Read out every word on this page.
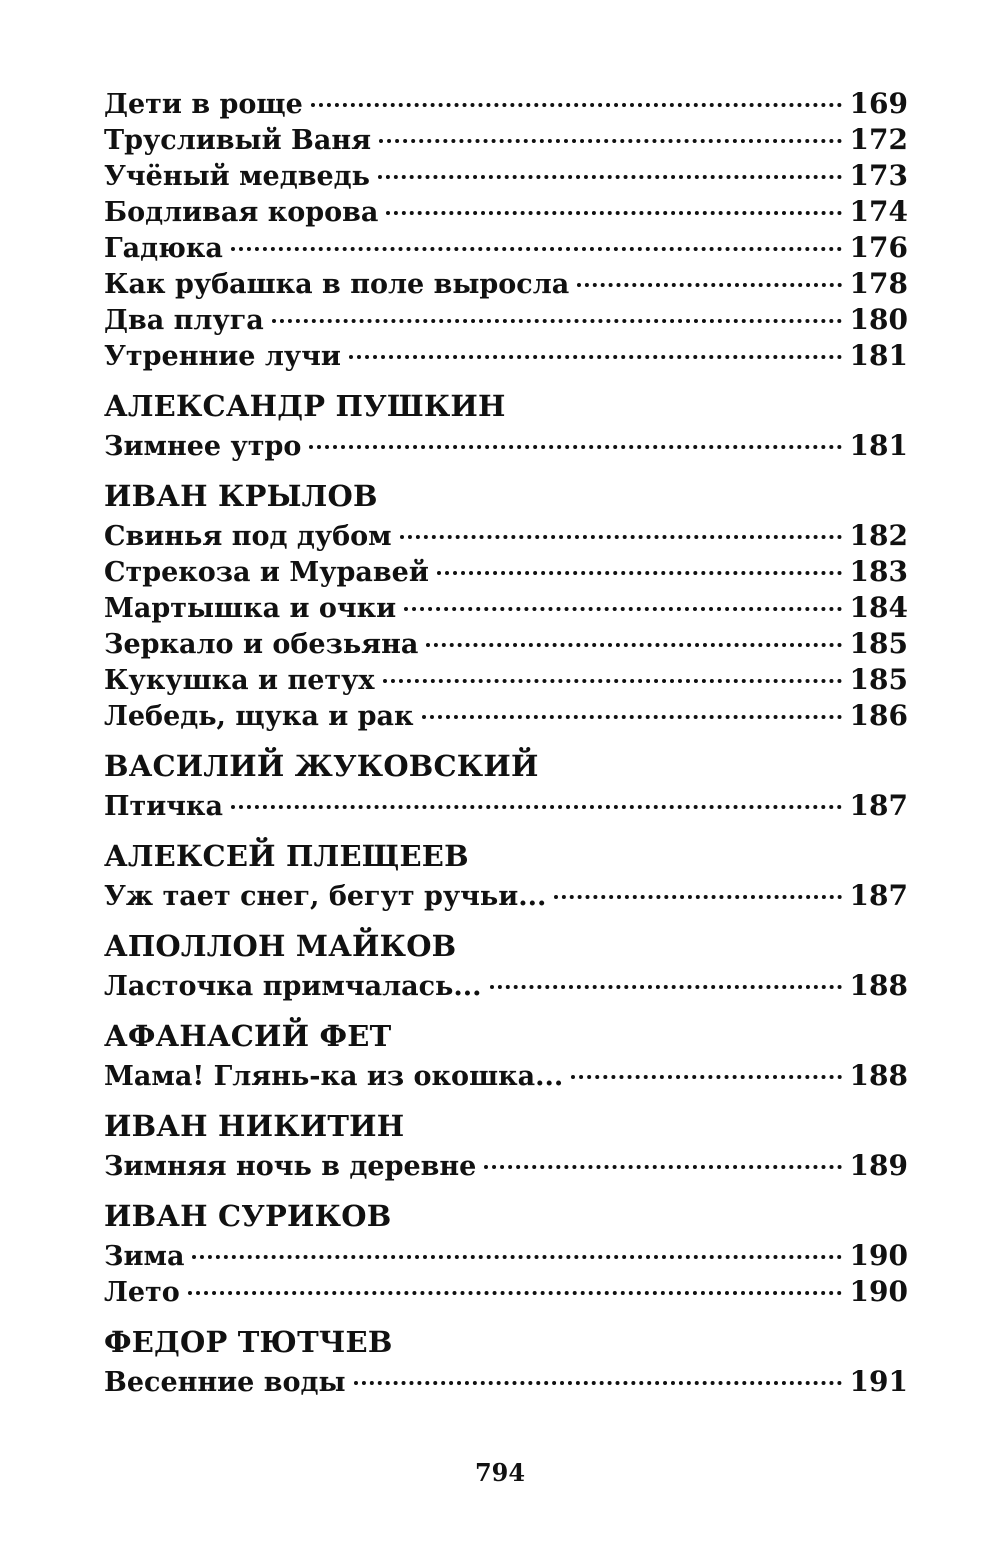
Дети в роще	169
Трусливый Ваня	172
Учёный медведь	173
Бодливая корова	174
Гадюка	176
Как рубашка в поле выросла	178
Два плуга	180
Утренние лучи	181
АЛЕКСАНДР ПУШКИН
Зимнее утро	181
ИВАН КРЫЛОВ
Свинья под дубом	182
Стрекоза и Муравей	183
Мартышка и очки	184
Зеркало и обезьяна	185
Кукушка и петух	185
Лебедь, щука и рак	186
ВАСИЛИЙ ЖУКОВСКИЙ
Птичка	187
АЛЕКСЕЙ ПЛЕЩЕЕВ
Уж тает снег, бегут ручьи...	187
АПОЛЛОН МАЙКОВ
Ласточка примчалась...	188
АФАНАСИЙ ФЕТ
Мама! Глянь-ка из окошка...	188
ИВАН НИКИТИН
Зимняя ночь в деревне	189
ИВАН СУРИКОВ
Зима	190
Лето	190
ФЕДОР ТЮТЧЕВ
Весенние воды	191
794
